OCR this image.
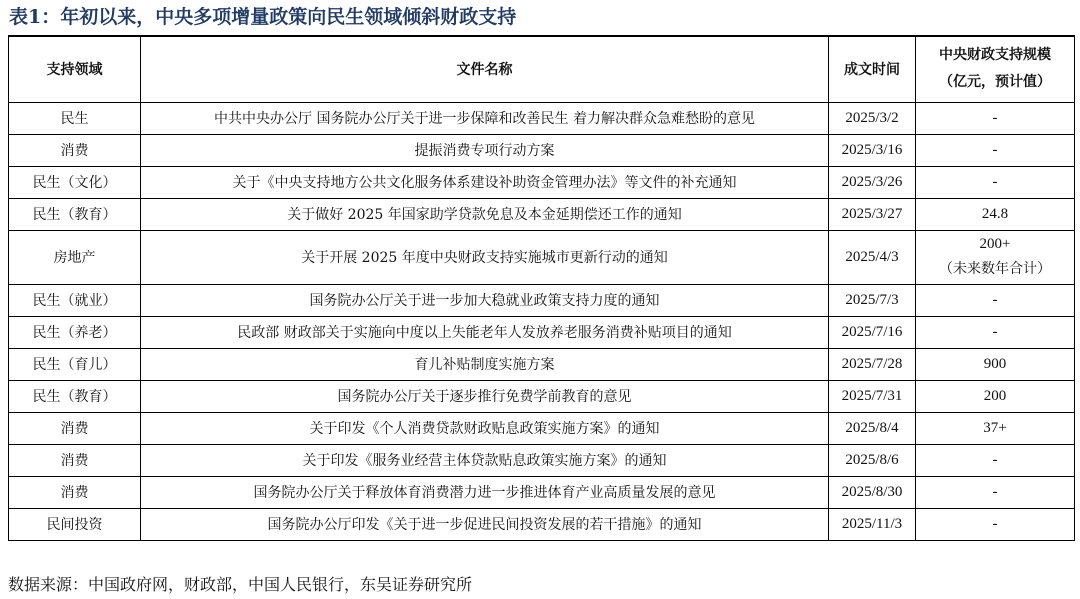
表1：年初以来，中央多项增量政策向民生领域倾斜财政支持
支持领域	文件名称	成文时间	中央财政支持规模
（亿元，预计值）

民生	中共中央办公厅 国务院办公厅关于进一步保障和改善民生 着力解决群众急难愁盼的意见	2025/3/2	-
消费	提振消费专项行动方案	2025/3/16	-
民生（文化）	关于《中央支持地方公共文化服务体系建设补助资金管理办法》等文件的补充通知	2025/3/26	-
民生（教育）	关于做好 2025 年国家助学贷款免息及本金延期偿还工作的通知	2025/3/27	24.8
房地产	关于开展 2025 年度中央财政支持实施城市更新行动的通知	2025/4/3	200+
（未来数年合计）

民生（就业）	国务院办公厅关于进一步加大稳就业政策支持力度的通知	2025/7/3	-
民生（养老）	民政部 财政部关于实施向中度以上失能老年人发放养老服务消费补贴项目的通知	2025/7/16	-
民生（育儿）	育儿补贴制度实施方案	2025/7/28	900
民生（教育）	国务院办公厅关于逐步推行免费学前教育的意见	2025/7/31	200
消费	关于印发《个人消费贷款财政贴息政策实施方案》的通知	2025/8/4	37+
消费	关于印发《服务业经营主体贷款贴息政策实施方案》的通知	2025/8/6	-
消费	国务院办公厅关于释放体育消费潜力进一步推进体育产业高质量发展的意见	2025/8/30	-
民间投资	国务院办公厅印发《关于进一步促进民间投资发展的若干措施》的通知	2025/11/3	-
数据来源：中国政府网，财政部，中国人民银行，东吴证券研究所
